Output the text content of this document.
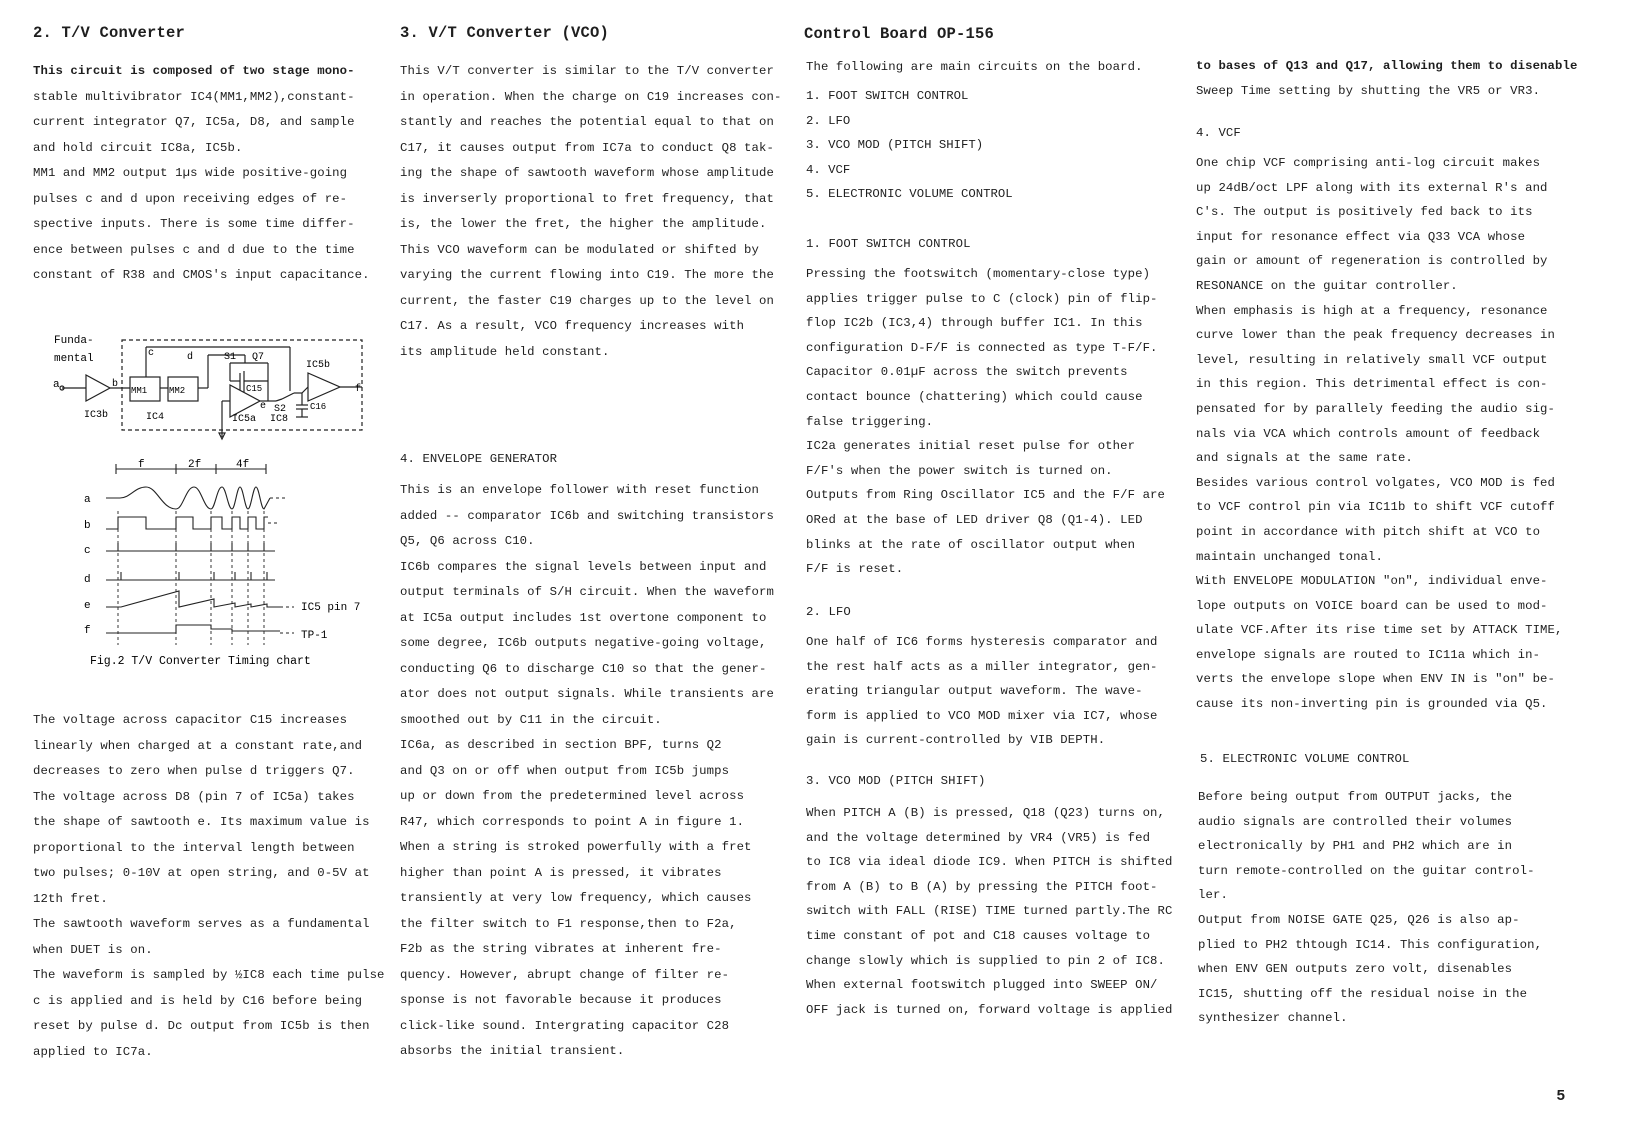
2. T/V Converter
This circuit is composed of two stage mono-
stable multivibrator IC4(MM1,MM2),constant-
current integrator Q7, IC5a, D8, and sample
and hold circuit IC8a, IC5b.
MM1 and MM2 output 1µs wide positive-going
pulses c and d upon receiving edges of re-
spective inputs. There is some time differ-
ence between pulses c and d due to the time
constant of R38 and CMOS's input capacitance.
Funda-
mental
a	b
c	d
e
f
IC3b
MM1 MM2
IC4
S1 Q7
C15
IC5a
S2
IC8
C16
IC5b
f	2f	4f
a
b
c
d
e
f
IC5 pin 7
TP-1
Fig.2 T/V Converter Timing chart
The voltage across capacitor C15 increases
linearly when charged at a constant rate,and
decreases to zero when pulse d triggers Q7.
The voltage across D8 (pin 7 of IC5a) takes
the shape of sawtooth e. Its maximum value is
proportional to the interval length between
two pulses; 0-10V at open string, and 0-5V at
12th fret.
The sawtooth waveform serves as a fundamental
when DUET is on.
The waveform is sampled by ½IC8 each time pulse
c is applied and is held by C16 before being
reset by pulse d. Dc output from IC5b is then
applied to IC7a.
3. V/T Converter (VCO)
This V/T converter is similar to the T/V converter
in operation. When the charge on C19 increases con-
stantly and reaches the potential equal to that on
C17, it causes output from IC7a to conduct Q8 tak-
ing the shape of sawtooth waveform whose amplitude
is inverserly proportional to fret frequency, that
is, the lower the fret, the higher the amplitude.
This VCO waveform can be modulated or shifted by
varying the current flowing into C19. The more the
current, the faster C19 charges up to the level on
C17. As a result, VCO frequency increases with
its amplitude held constant.
4. ENVELOPE GENERATOR
This is an envelope follower with reset function
added -- comparator IC6b and switching transistors
Q5, Q6 across C10.
IC6b compares the signal levels between input and
output terminals of S/H circuit. When the waveform
at IC5a output includes 1st overtone component to
some degree, IC6b outputs negative-going voltage,
conducting Q6 to discharge C10 so that the gener-
ator does not output signals. While transients are
smoothed out by C11 in the circuit.
IC6a, as described in section BPF, turns Q2
and Q3 on or off when output from IC5b jumps
up or down from the predetermined level across
R47, which corresponds to point A in figure 1.
When a string is stroked powerfully with a fret
higher than point A is pressed, it vibrates
transiently at very low frequency, which causes
the filter switch to F1 response,then to F2a,
F2b as the string vibrates at inherent fre-
quency. However, abrupt change of filter re-
sponse is not favorable because it produces
click-like sound. Intergrating capacitor C28
absorbs the initial transient.
Control Board OP-156
The following are main circuits on the board.
1. FOOT SWITCH CONTROL
2. LFO
3. VCO MOD (PITCH SHIFT)
4. VCF
5. ELECTRONIC VOLUME CONTROL
1. FOOT SWITCH CONTROL
Pressing the footswitch (momentary-close type)
applies trigger pulse to C (clock) pin of flip-
flop IC2b (IC3,4) through buffer IC1. In this
configuration D-F/F is connected as type T-F/F.
Capacitor 0.01µF across the switch prevents
contact bounce (chattering) which could cause
false triggering.
IC2a generates initial reset pulse for other
F/F's when the power switch is turned on.
Outputs from Ring Oscillator IC5 and the F/F are
ORed at the base of LED driver Q8 (Q1-4). LED
blinks at the rate of oscillator output when
F/F is reset.
2. LFO
One half of IC6 forms hysteresis comparator and
the rest half acts as a miller integrator, gen-
erating triangular output waveform. The wave-
form is applied to VCO MOD mixer via IC7, whose
gain is current-controlled by VIB DEPTH.
3. VCO MOD (PITCH SHIFT)
When PITCH A (B) is pressed, Q18 (Q23) turns on,
and the voltage determined by VR4 (VR5) is fed
to IC8 via ideal diode IC9. When PITCH is shifted
from A (B) to B (A) by pressing the PITCH foot-
switch with FALL (RISE) TIME turned partly.The RC
time constant of pot and C18 causes voltage to
change slowly which is supplied to pin 2 of IC8.
When external footswitch plugged into SWEEP ON/
OFF jack is turned on, forward voltage is applied
to bases of Q13 and Q17, allowing them to disenable
Sweep Time setting by shutting the VR5 or VR3.
4. VCF
One chip VCF comprising anti-log circuit makes
up 24dB/oct LPF along with its external R's and
C's. The output is positively fed back to its
input for resonance effect via Q33 VCA whose
gain or amount of regeneration is controlled by
RESONANCE on the guitar controller.
When emphasis is high at a frequency, resonance
curve lower than the peak frequency decreases in
level, resulting in relatively small VCF output
in this region. This detrimental effect is con-
pensated for by parallely feeding the audio sig-
nals via VCA which controls amount of feedback
and signals at the same rate.
Besides various control volgates, VCO MOD is fed
to VCF control pin via IC11b to shift VCF cutoff
point in accordance with pitch shift at VCO to
maintain unchanged tonal.
With ENVELOPE MODULATION "on", individual enve-
lope outputs on VOICE board can be used to mod-
ulate VCF.After its rise time set by ATTACK TIME,
envelope signals are routed to IC11a which in-
verts the envelope slope when ENV IN is "on" be-
cause its non-inverting pin is grounded via Q5.
5. ELECTRONIC VOLUME CONTROL
Before being output from OUTPUT jacks, the
audio signals are controlled their volumes
electronically by PH1 and PH2 which are in
turn remote-controlled on the guitar control-
ler.
Output from NOISE GATE Q25, Q26 is also ap-
plied to PH2 thtough IC14. This configuration,
when ENV GEN outputs zero volt, disenables
IC15, shutting off the residual noise in the
synthesizer channel.
5
